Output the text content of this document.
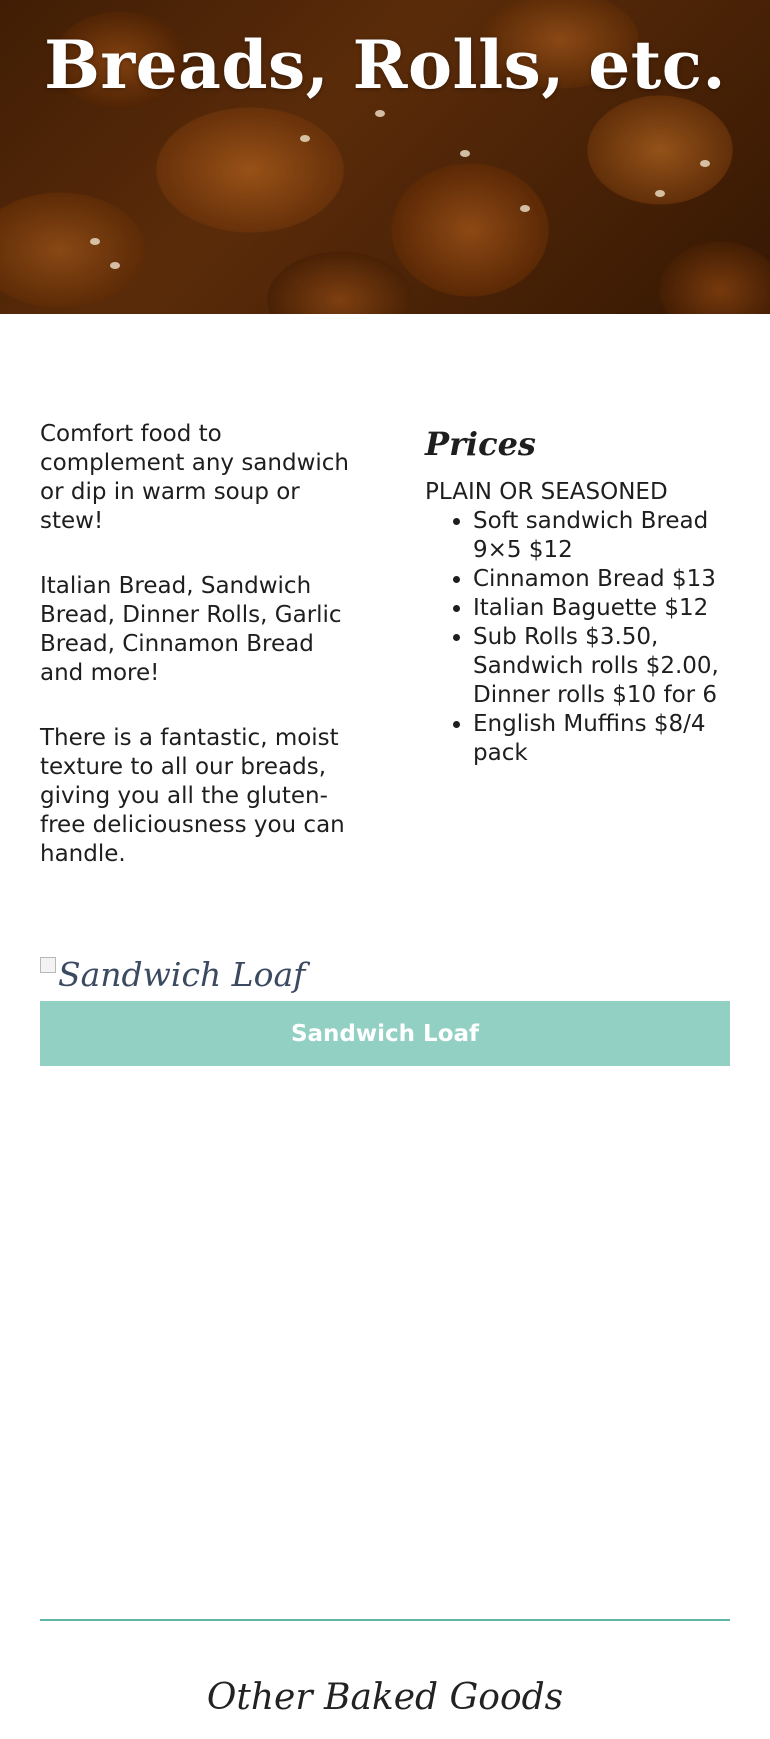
Breads, Rolls, etc.

Comfort food to complement any sandwich or dip in warm soup or stew!

Italian Bread, Sandwich Bread, Dinner Rolls, Garlic Bread, Cinnamon Bread and more!

There is a fantastic, moist texture to all our breads, giving you all the gluten-free deliciousness you can handle.

Prices

PLAIN OR SEASONED

• Soft sandwich Bread 9×5 $12
• Cinnamon Bread $13
• Italian Baguette $12
• Sub Rolls $3.50, Sandwich rolls $2.00, Dinner rolls $10 for 6
• English Muffins $8/4 pack
Sandwich Loaf
Sandwich Loaf
Other Baked Goods
